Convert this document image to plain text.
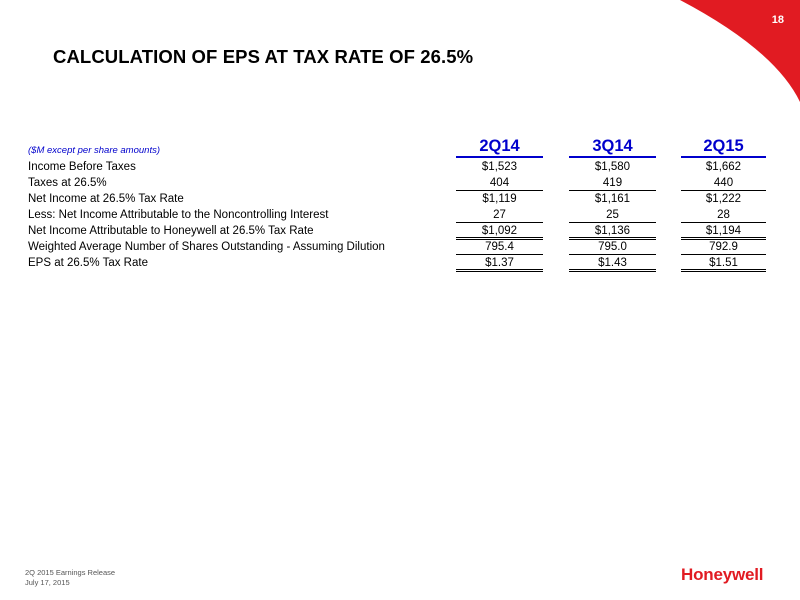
18
CALCULATION OF EPS AT TAX RATE OF 26.5%
($M except per share amounts)	2Q14	3Q14	2Q15
Income Before Taxes	$1,523	$1,580	$1,662
Taxes at 26.5%	404	419	440
Net Income at 26.5% Tax Rate	$1,119	$1,161	$1,222
Less: Net Income Attributable to the Noncontrolling Interest	27	25	28
Net Income Attributable to Honeywell at 26.5% Tax Rate	$1,092	$1,136	$1,194
Weighted Average Number of Shares Outstanding - Assuming Dilution	795.4	795.0	792.9
EPS at 26.5% Tax Rate	$1.37	$1.43	$1.51
2Q 2015 Earnings Release
July 17, 2015	Honeywell
